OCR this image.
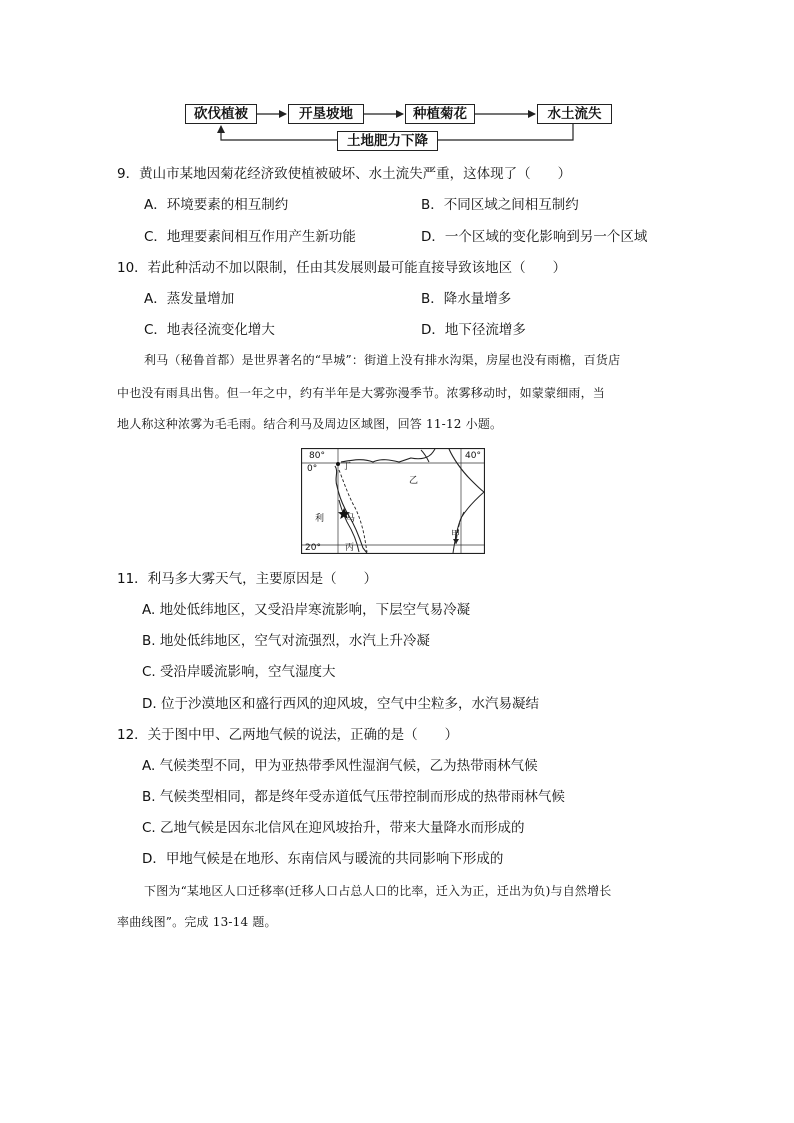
砍伐植被	开垦坡地	种植菊花	水土流失
土地肥力下降
9．黄山市某地因菊花经济致使植被破坏、水土流失严重，这体现了（　　）
A．环境要素的相互制约	B．不同区域之间相互制约
C．地理要素间相互作用产生新功能	D．一个区域的变化影响到另一个区域
10．若此种活动不加以限制，任由其发展则最可能直接导致该地区（　　）
A．蒸发量增加	B．降水量增多
C．地表径流变化增大	D．地下径流增多
利马（秘鲁首都）是世界著名的“旱城”：街道上没有排水沟渠，房屋也没有雨檐，百货店
中也没有雨具出售。但一年之中，约有半年是大雾弥漫季节。浓雾移动时，如蒙蒙细雨，当
地人称这种浓雾为毛毛雨。结合利马及周边区域图，回答 11-12 小题。
80°	40°
0°
20°
丁
乙
利 马
丙
甲
11．利马多大雾天气，主要原因是（　　）
A. 地处低纬地区，又受沿岸寒流影响，下层空气易冷凝
B. 地处低纬地区，空气对流强烈，水汽上升冷凝
C. 受沿岸暖流影响，空气湿度大
D. 位于沙漠地区和盛行西风的迎风坡，空气中尘粒多，水汽易凝结
12．关于图中甲、乙两地气候的说法，正确的是（　　）
A. 气候类型不同，甲为亚热带季风性湿润气候，乙为热带雨林气候
B. 气候类型相同，都是终年受赤道低气压带控制而形成的热带雨林气候
C. 乙地气候是因东北信风在迎风坡抬升，带来大量降水而形成的
D．甲地气候是在地形、东南信风与暖流的共同影响下形成的
下图为“某地区人口迁移率(迁移人口占总人口的比率，迁入为正，迁出为负)与自然增长
率曲线图”。完成 13-14 题。
